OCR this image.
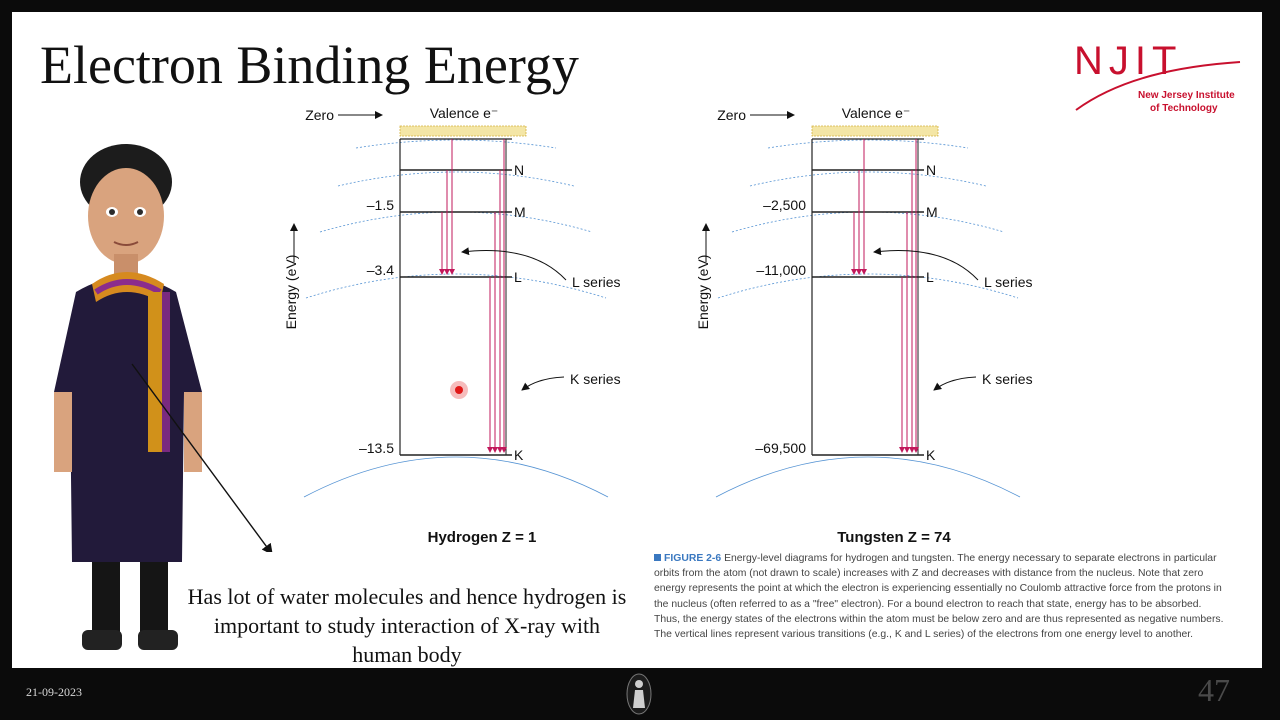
Electron Binding Energy	NJIT
New Jersey Institute
of Technology
Has lot of water molecules and hence hydrogen is important to study interaction of X-ray with human body
FIGURE 2-6 Energy-level diagrams for hydrogen and tungsten. The energy necessary to separate electrons in particular orbits from the atom (not drawn to scale) increases with Z and decreases with distance from the nucleus. Note that zero energy represents the point at which the electron is experiencing essentially no Coulomb attractive force from the protons in the nucleus (often referred to as a "free" electron). For a bound electron to reach that state, energy has to be absorbed. Thus, the energy states of the electrons within the atom must be below zero and are thus represented as negative numbers. The vertical lines represent various transitions (e.g., K and L series) of the electrons from one energy level to another.
N
M
–1.5
L
–3.4
K
–13.5
Zero	Valence e⁻
Energy (eV)	L series
K series
Hydrogen Z = 1
N
M
–2,500
L
–11,000
K
–69,500
Zero	Valence e⁻
Energy (eV)	L series
K series
Tungsten Z = 74
21-09-2023	47
